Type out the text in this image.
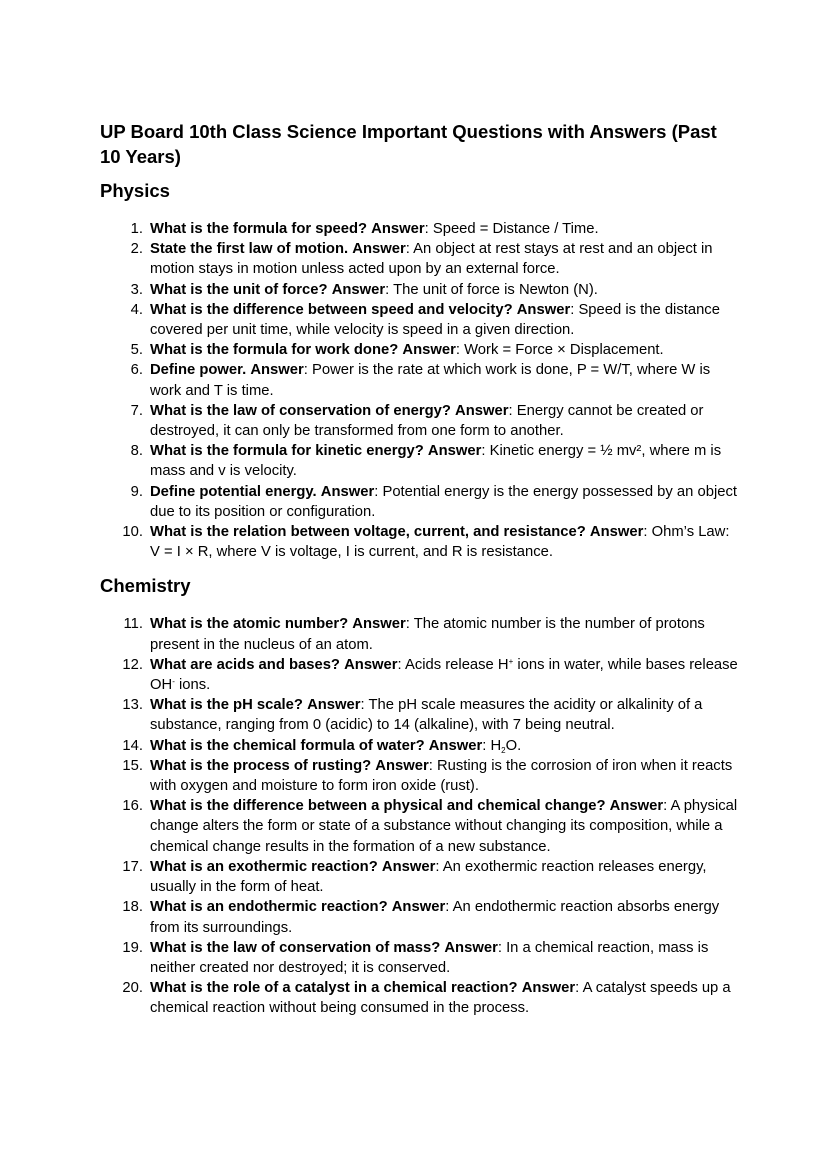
UP Board 10th Class Science Important Questions with Answers (Past 10 Years)
Physics
1. What is the formula for speed? Answer: Speed = Distance / Time.
2. State the first law of motion. Answer: An object at rest stays at rest and an object in motion stays in motion unless acted upon by an external force.
3. What is the unit of force? Answer: The unit of force is Newton (N).
4. What is the difference between speed and velocity? Answer: Speed is the distance covered per unit time, while velocity is speed in a given direction.
5. What is the formula for work done? Answer: Work = Force × Displacement.
6. Define power. Answer: Power is the rate at which work is done, P = W/T, where W is work and T is time.
7. What is the law of conservation of energy? Answer: Energy cannot be created or destroyed, it can only be transformed from one form to another.
8. What is the formula for kinetic energy? Answer: Kinetic energy = ½ mv², where m is mass and v is velocity.
9. Define potential energy. Answer: Potential energy is the energy possessed by an object due to its position or configuration.
10. What is the relation between voltage, current, and resistance? Answer: Ohm’s Law: V = I × R, where V is voltage, I is current, and R is resistance.
Chemistry
11. What is the atomic number? Answer: The atomic number is the number of protons present in the nucleus of an atom.
12. What are acids and bases? Answer: Acids release H+ ions in water, while bases release OH- ions.
13. What is the pH scale? Answer: The pH scale measures the acidity or alkalinity of a substance, ranging from 0 (acidic) to 14 (alkaline), with 7 being neutral.
14. What is the chemical formula of water? Answer: $H_2O$.
15. What is the process of rusting? Answer: Rusting is the corrosion of iron when it reacts with oxygen and moisture to form iron oxide (rust).
16. What is the difference between a physical and chemical change? Answer: A physical change alters the form or state of a substance without changing its composition, while a chemical change results in the formation of a new substance.
17. What is an exothermic reaction? Answer: An exothermic reaction releases energy, usually in the form of heat.
18. What is an endothermic reaction? Answer: An endothermic reaction absorbs energy from its surroundings.
19. What is the law of conservation of mass? Answer: In a chemical reaction, mass is neither created nor destroyed; it is conserved.
20. What is the role of a catalyst in a chemical reaction? Answer: A catalyst speeds up a chemical reaction without being consumed in the process.
